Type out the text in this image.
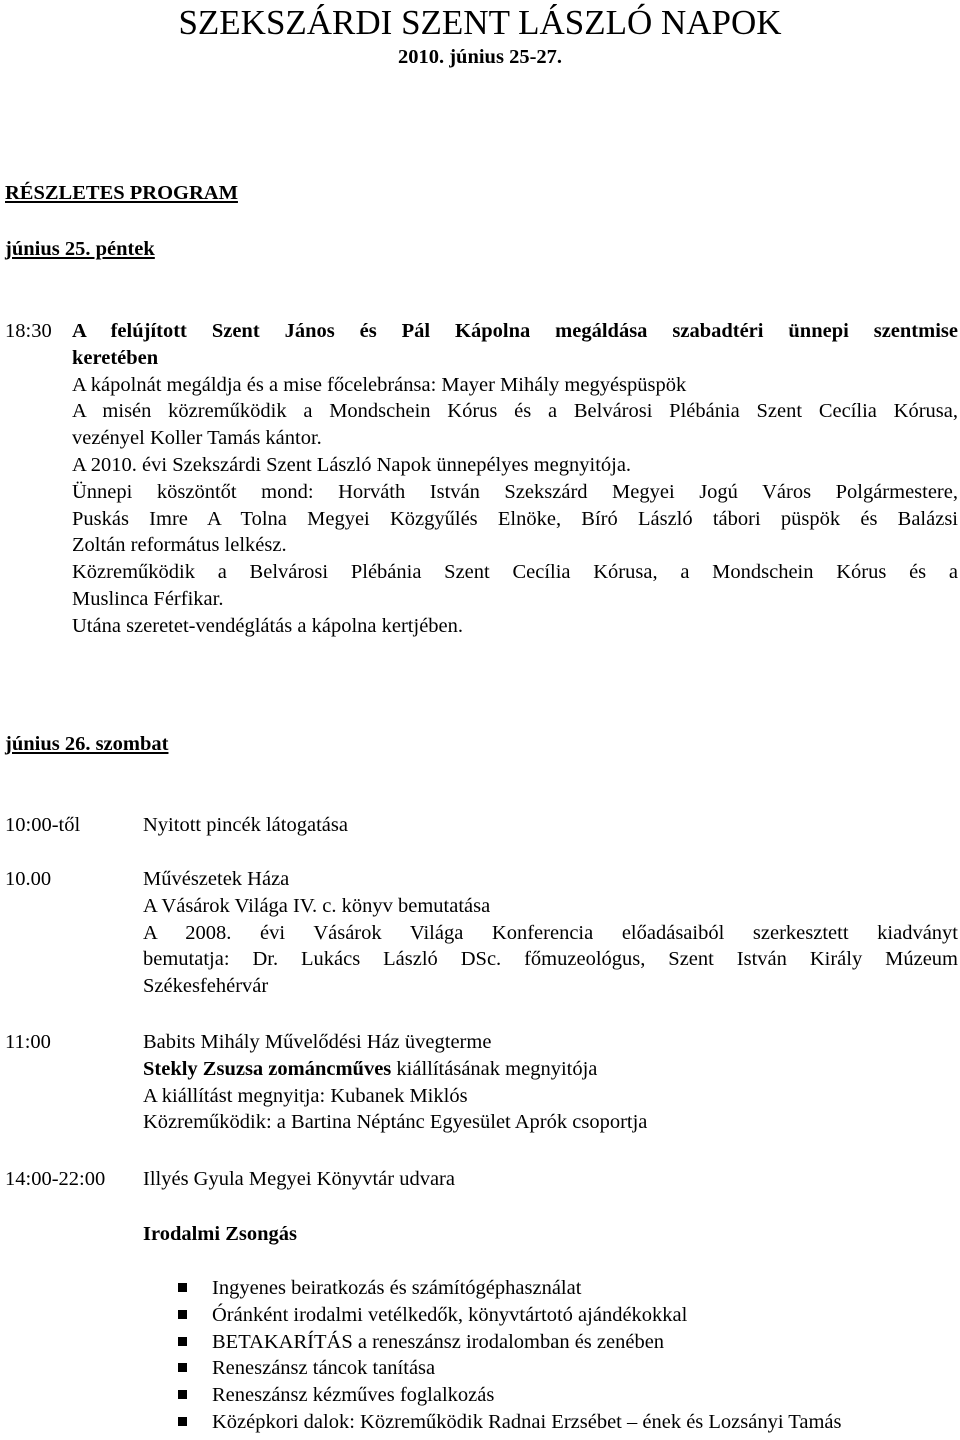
SZEKSZÁRDI SZENT LÁSZLÓ NAPOK
2010. június 25-27.
RÉSZLETES PROGRAM
június 25. péntek
18:30 A felújított Szent János és Pál Kápolna megáldása szabadtéri ünnepi szentmise
keretében
A kápolnát megáldja és a mise főcelebránsa: Mayer Mihály megyéspüspök
A misén közreműködik a Mondschein Kórus és a Belvárosi Plébánia Szent Cecília Kórusa,
vezényel Koller Tamás kántor.
A 2010. évi Szekszárdi Szent László Napok ünnepélyes megnyitója.
Ünnepi köszöntőt mond: Horváth István Szekszárd Megyei Jogú Város Polgármestere,
Puskás Imre A Tolna Megyei Közgyűlés Elnöke, Bíró László tábori püspök és Balázsi
Zoltán református lelkész.
Közreműködik a Belvárosi Plébánia Szent Cecília Kórusa, a Mondschein Kórus és a
Muslinca Férfikar.
Utána szeretet-vendéglátás a kápolna kertjében.
június 26. szombat
10:00-től	Nyitott pincék látogatása
10.00	Művészetek Háza
A Vásárok Világa IV. c. könyv bemutatása
A 2008. évi Vásárok Világa Konferencia előadásaiból szerkesztett kiadványt
bemutatja: Dr. Lukács László DSc. főmuzeológus, Szent István Király Múzeum
Székesfehérvár
11:00	Babits Mihály Művelődési Ház üvegterme
Stekly Zsuzsa zománcműves kiállításának megnyitója
A kiállítást megnyitja: Kubanek Miklós
Közreműködik: a Bartina Néptánc Egyesület Aprók csoportja
14:00-22:00 Illyés Gyula Megyei Könyvtár udvara
Irodalmi Zsongás
Ingyenes beiratkozás és számítógéphasználat
Óránként irodalmi vetélkedők, könyvtártotó ajándékokkal
BETAKARÍTÁS a reneszánsz irodalomban és zenében
Reneszánsz táncok tanítása
Reneszánsz kézműves foglalkozás
Középkori dalok: Közreműködik Radnai Erzsébet – ének és Lozsányi Tamás
